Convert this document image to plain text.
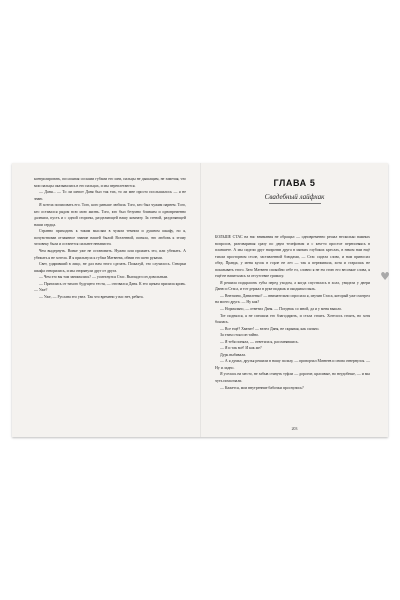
контролировать, посасывая сосками губами его шеи, пальцы не дышащим, не замечая, что мои пальцы оказывались в его пальцах, и мы переплетаются.

— Даня... — То ли шепот Даня был так тих, то ли мне просто послышалось — я не знаю.

Я хотела пописовать его. Того, кого раньше любила. Того, кто был чужим парнем. Того, кто оставался рядом всю мою жизнь. Того, кто был безумно близким и одновременно далеким, пусть и с одной стороны, разделяющей нашу комнату. За стеной, разделяющей наши сердца.

Странно приходить к таким мыслям в чужом темном и душном шкафу, но я, почувствовав отчаянное знание нашей былой Вселенной, поняла, что любовь к этому человеку была и останется сильнее ненависти.

Чем выдернуть. Вовке уже не остановить. Нужно или прожить это, или убежать. А убежать я не хотела. И я прильнула к губам Матвеева, обвив его шею руками.

Свет, ударивший в лицо, не дал нам этого сделать. Пожалуй, это случилось. Створки шкафа отворились, и мы отпрянули друг от друга.

— Чем это вы там занимались? — усмехнулся Стас. Выглядел он довольным.

— Прятались от тихого будущего тестя, — отозвался Даня. К его щекам прилила кровь. — Уже?

— Уже, — Руслана его увел. Так что времени у вас нет, ребята.

ГЛАВА 5
Свадебный лайфхак

БОЛЬШЕ СТАС на нас внимания не обращал — одновременно решал несколько важных вопросов, разговаривая сразу по двум телефонам и с кем-то простое перепоняясь в планшете. А мы сидели друг напротив друга в мягких глубоких креслах, в неком нам ещё тихом просторном столе, заставленной блюдами, — Стас сидела слово, и нам приносил обед. Правда, у меня кусок в горле не лез — так я переживала, хотя и старалась не показывать этого. Зато Матвеев спокойно себе ел, словно я не ем стою его весомые слова, я ещё не напиталась за отсутствие гримасу.

Я решила подкрасить губы перед уходом, а когда спустилась в холл, увидела у двери Даню и Стаса, и тот держал в руке пиджак и скидывал пыль.

— Внезапно, Даниленко? — внимательно спросила я, изучив Стаса, который уже смотрел на моего друга. — Ну как?

— Нормально, — ответил Даня. — Поедешь со мной, да и у меня вышло.

Тот поднялся, я не спешила его благодарить, и стала стоять. Хотелось стоять, но хотя боялась.

— Все ещё? Хватит! — велел Даня, не скрывая, как сильно.

За этим стоял он тайно.

— Я тебя поняла, — ответила я, рассмеявшись.

— Я и так всё! И как же?

Дурь выбивала.

— А я думал, друзья решили в нашу пользу, — проворчал Матвеев и снова отвернулся. — Ну и ладно.

Я уселась на место, не забыв стянуть туфли — дорогие, красивые, но неудобные, — и мы чуть помолчали.

— Кажется, мои внутренние бабочки проснулись?

203
♥
